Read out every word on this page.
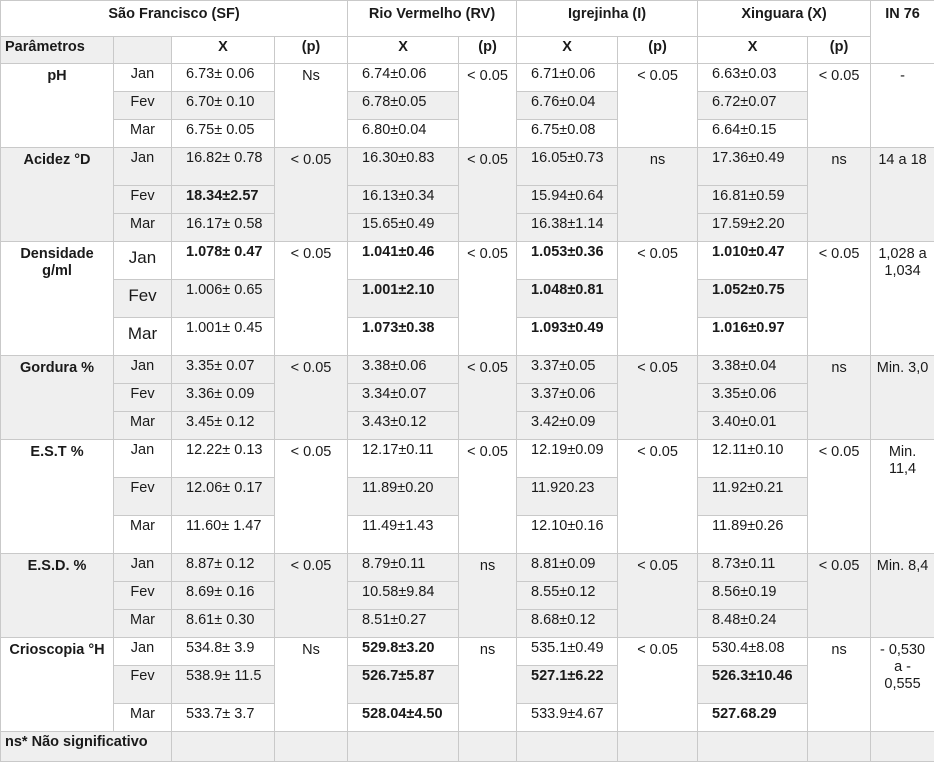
São Francisco (SF)				Rio Vermelho (RV)		Igrejinha (I)		Xinguara (X)		IN 76
Parâmetros		X	(p)	X	(p)	X	(p)	X	(p)	
pH	Jan	6.73± 0.06	Ns	6.74±0.06	< 0.05	6.71±0.06	< 0.05	6.63±0.03	< 0.05	-
	Fev	6.70± 0.10		6.78±0.05		6.76±0.04		6.72±0.07		
	Mar	6.75± 0.05		6.80±0.04		6.75±0.08		6.64±0.15		
Acidez °D	Jan	16.82± 0.78	< 0.05	16.30±0.83	< 0.05	16.05±0.73	ns	17.36±0.49	ns	14 a 18
	Fev	18.34±2.57		16.13±0.34		15.94±0.64		16.81±0.59		
	Mar	16.17± 0.58		15.65±0.49		16.38±1.14		17.59±2.20		
Densidade g/ml	Jan	1.078± 0.47	< 0.05	1.041±0.46	< 0.05	1.053±0.36	< 0.05	1.010±0.47	< 0.05	1,028 a 1,034
	Fev	1.006± 0.65		1.001±2.10		1.048±0.81		1.052±0.75		
	Mar	1.001± 0.45		1.073±0.38		1.093±0.49		1.016±0.97		
Gordura %	Jan	3.35± 0.07	< 0.05	3.38±0.06	< 0.05	3.37±0.05	< 0.05	3.38±0.04	ns	Min. 3,0
	Fev	3.36± 0.09		3.34±0.07		3.37±0.06		3.35±0.06		
	Mar	3.45± 0.12		3.43±0.12		3.42±0.09		3.40±0.01		
E.S.T %	Jan	12.22± 0.13	< 0.05	12.17±0.11	< 0.05	12.19±0.09	< 0.05	12.11±0.10	< 0.05	Min. 11,4
	Fev	12.06± 0.17		11.89±0.20		11.920.23		11.92±0.21		
	Mar	11.60± 1.47		11.49±1.43		12.10±0.16		11.89±0.26		
E.S.D. %	Jan	8.87± 0.12	< 0.05	8.79±0.11	ns	8.81±0.09	< 0.05	8.73±0.11	< 0.05	Min. 8,4
	Fev	8.69± 0.16		10.58±9.84		8.55±0.12		8.56±0.19		
	Mar	8.61± 0.30		8.51±0.27		8.68±0.12		8.48±0.24		
Crioscopia °H	Jan	534.8± 3.9	Ns	529.8±3.20	ns	535.1±0.49	< 0.05	530.4±8.08	ns	- 0,530 a - 0,555
	Fev	538.9± 11.5		526.7±5.87		527.1±6.22		526.3±10.46		
	Mar	533.7± 3.7		528.04±4.50		533.9±4.67		527.68.29		
ns* Não significativo										
